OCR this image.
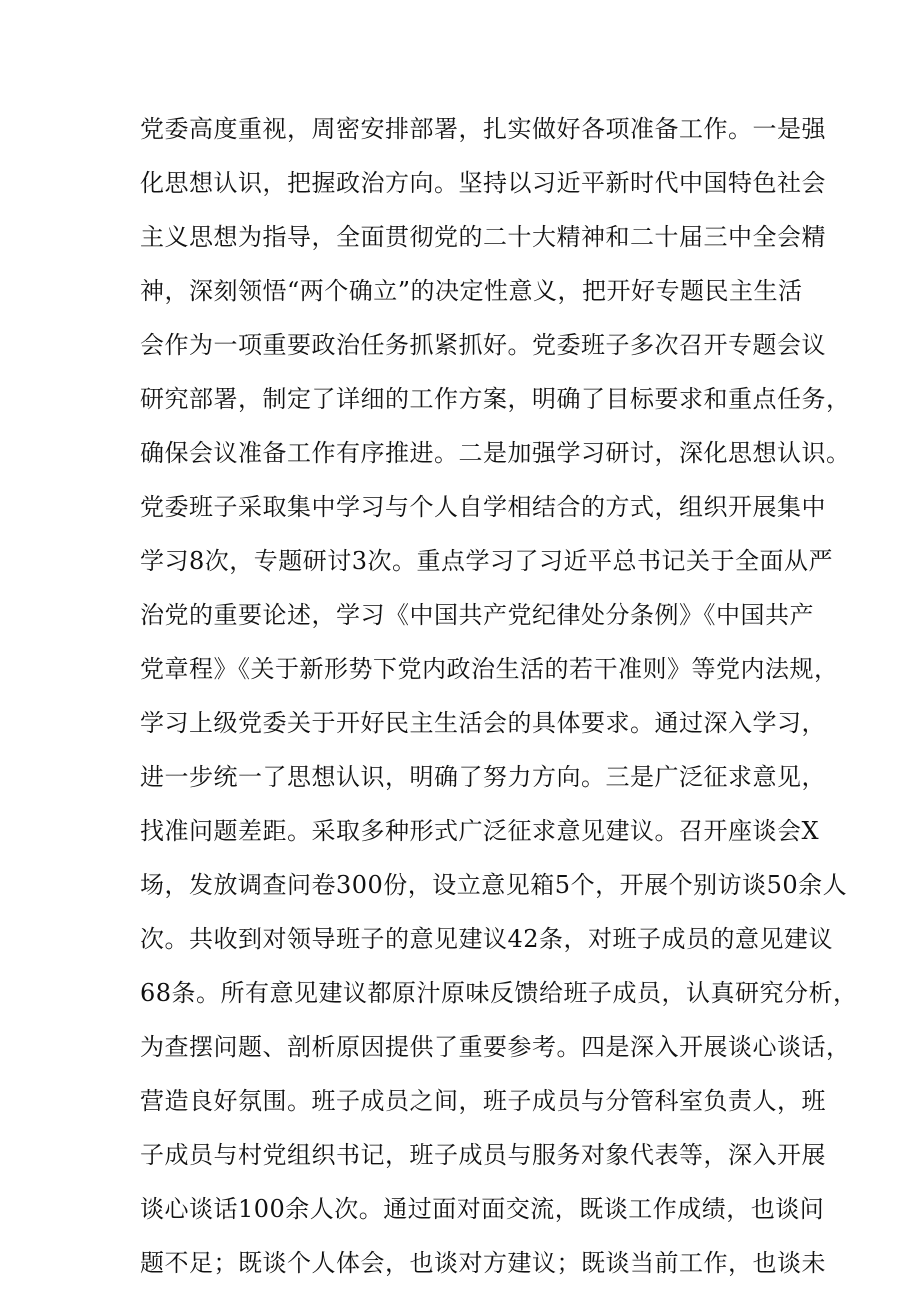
党委高度重视，周密安排部署，扎实做好各项准备工作。一是强
化思想认识，把握政治方向。坚持以习近平新时代中国特色社会
主义思想为指导，全面贯彻党的二十大精神和二十届三中全会精
神，深刻领悟“两个确立”的决定性意义，把开好专题民主生活
会作为一项重要政治任务抓紧抓好。党委班子多次召开专题会议
研究部署，制定了详细的工作方案，明确了目标要求和重点任务，
确保会议准备工作有序推进。二是加强学习研讨，深化思想认识。
党委班子采取集中学习与个人自学相结合的方式，组织开展集中
学习8次，专题研讨3次。重点学习了习近平总书记关于全面从严
治党的重要论述，学习《中国共产党纪律处分条例》《中国共产
党章程》《关于新形势下党内政治生活的若干准则》等党内法规，
学习上级党委关于开好民主生活会的具体要求。通过深入学习，
进一步统一了思想认识，明确了努力方向。三是广泛征求意见，
找准问题差距。采取多种形式广泛征求意见建议。召开座谈会X
场，发放调查问卷300份，设立意见箱5个，开展个别访谈50余人
次。共收到对领导班子的意见建议42条，对班子成员的意见建议
68条。所有意见建议都原汁原味反馈给班子成员，认真研究分析，
为查摆问题、剖析原因提供了重要参考。四是深入开展谈心谈话，
营造良好氛围。班子成员之间，班子成员与分管科室负责人，班
子成员与村党组织书记，班子成员与服务对象代表等，深入开展
谈心谈话100余人次。通过面对面交流，既谈工作成绩，也谈问
题不足；既谈个人体会，也谈对方建议；既谈当前工作，也谈未
